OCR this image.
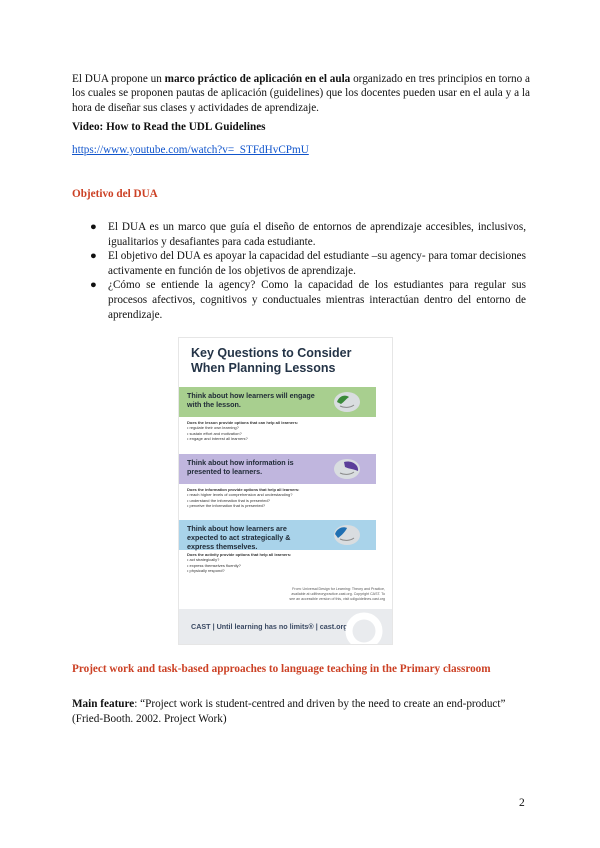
El DUA propone un marco práctico de aplicación en el aula organizado en tres principios en torno a los cuales se proponen pautas de aplicación (guidelines) que los docentes pueden usar en el aula y a la hora de diseñar sus clases y actividades de aprendizaje.

Video: How to Read the UDL Guidelines

https://www.youtube.com/watch?v=_STFdHvCPmU

Objetivo del DUA

● El DUA es un marco que guía el diseño de entornos de aprendizaje accesibles, inclusivos, igualitarios y desafiantes para cada estudiante.
● El objetivo del DUA es apoyar la capacidad del estudiante –su agency- para tomar decisiones activamente en función de los objetivos de aprendizaje.
● ¿Cómo se entiende la agency? Como la capacidad de los estudiantes para regular sus procesos afectivos, cognitivos y conductuales mientras interactúan dentro del entorno de aprendizaje.
Key Questions to Consider When Planning Lessons
Think about how learners will engage with the lesson.
Does the lesson provide options that can help all learners:
• regulate their own learning?
• sustain effort and motivation?
• engage and interest all learners?
Think about how information is presented to learners.
Does the information provide options that help all learners:
• reach higher levels of comprehension and understanding?
• understand the information that is presented?
• perceive the information that is presented?
Think about how learners are expected to act strategically & express themselves.
Does the activity provide options that help all learners:
• act strategically?
• express themselves fluently?
• physically respond?
From: Universal Design for Learning: Theory and Practice, available at udltheorypractice.cast.org. Copyright CAST. To see an accessible version of this, visit udlguidelines.cast.org
CAST | Until learning has no limits® | cast.org

Project work and task-based approaches to language teaching in the Primary classroom

Main feature: “Project work is student-centred and driven by the need to create an end-product” (Fried-Booth. 2002. Project Work)

2
